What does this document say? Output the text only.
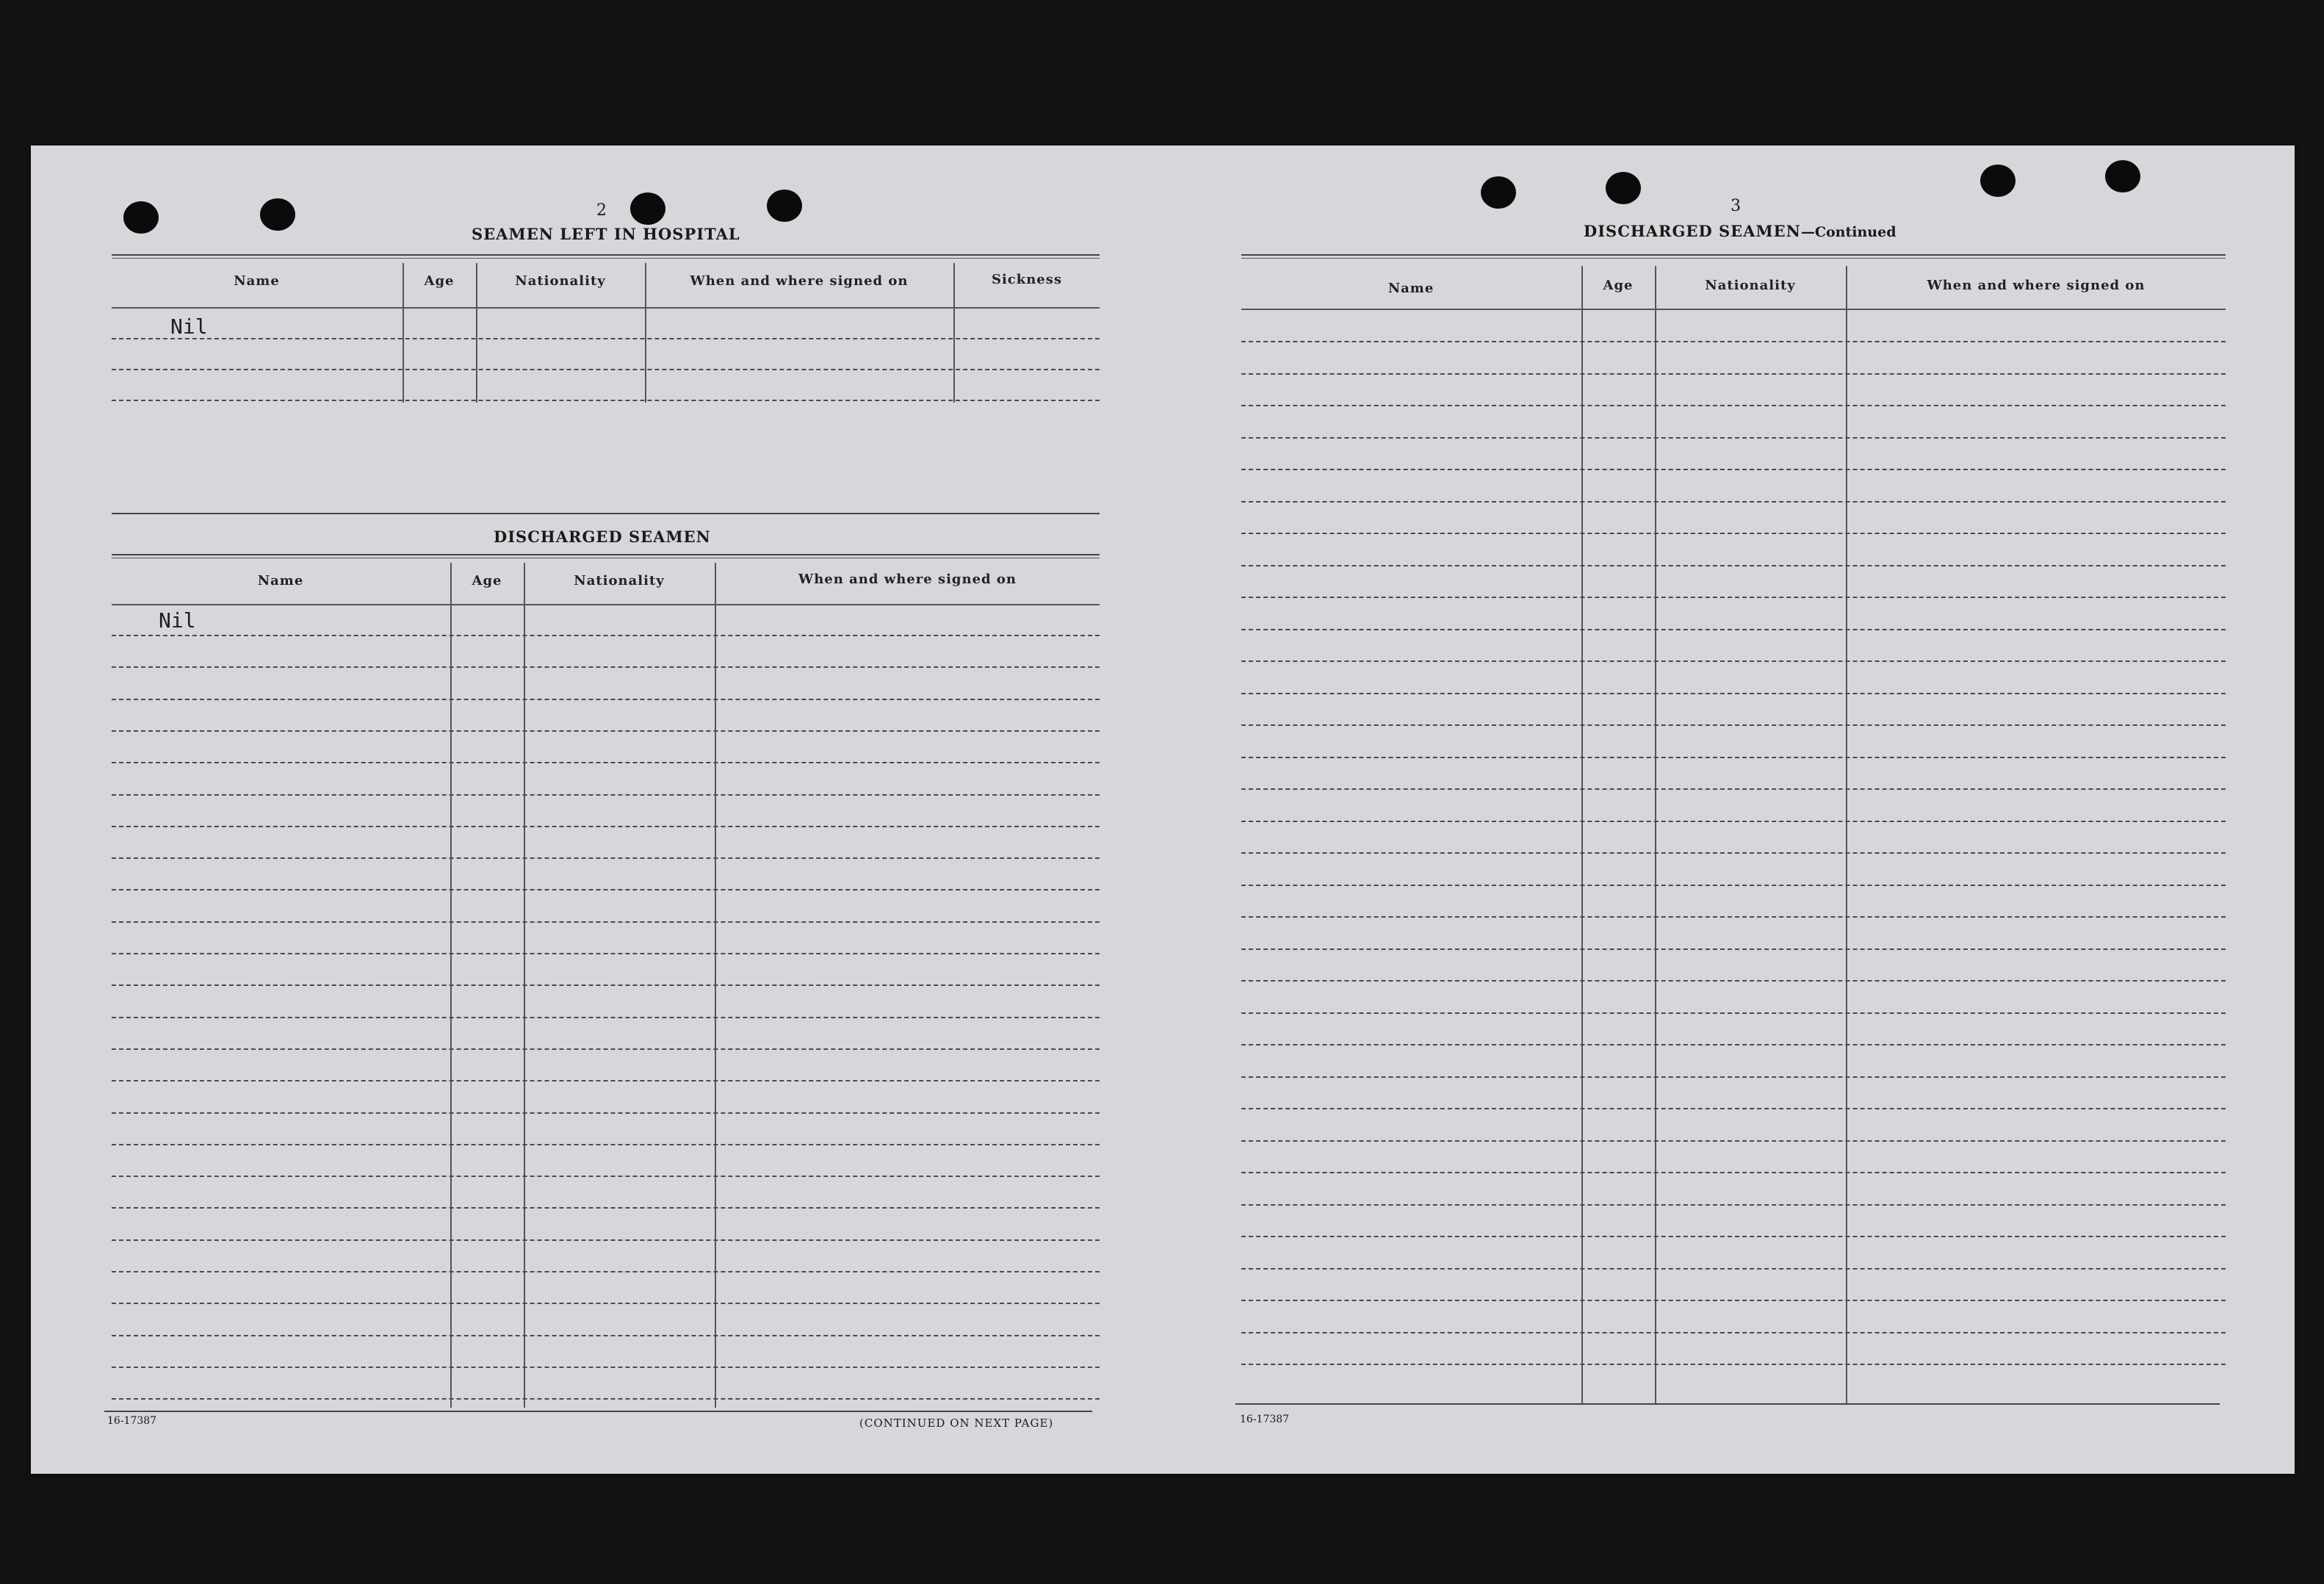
2
SEAMEN LEFT IN HOSPITAL
Name	Age	Nationality	When and where signed on	Sickness
Nil
DISCHARGED SEAMEN
Name	Age	Nationality	When and where signed on
Nil
16-17387	(CONTINUED ON NEXT PAGE)
3
DISCHARGED SEAMEN—Continued
Name	Age	Nationality	When and where signed on
16-17387
